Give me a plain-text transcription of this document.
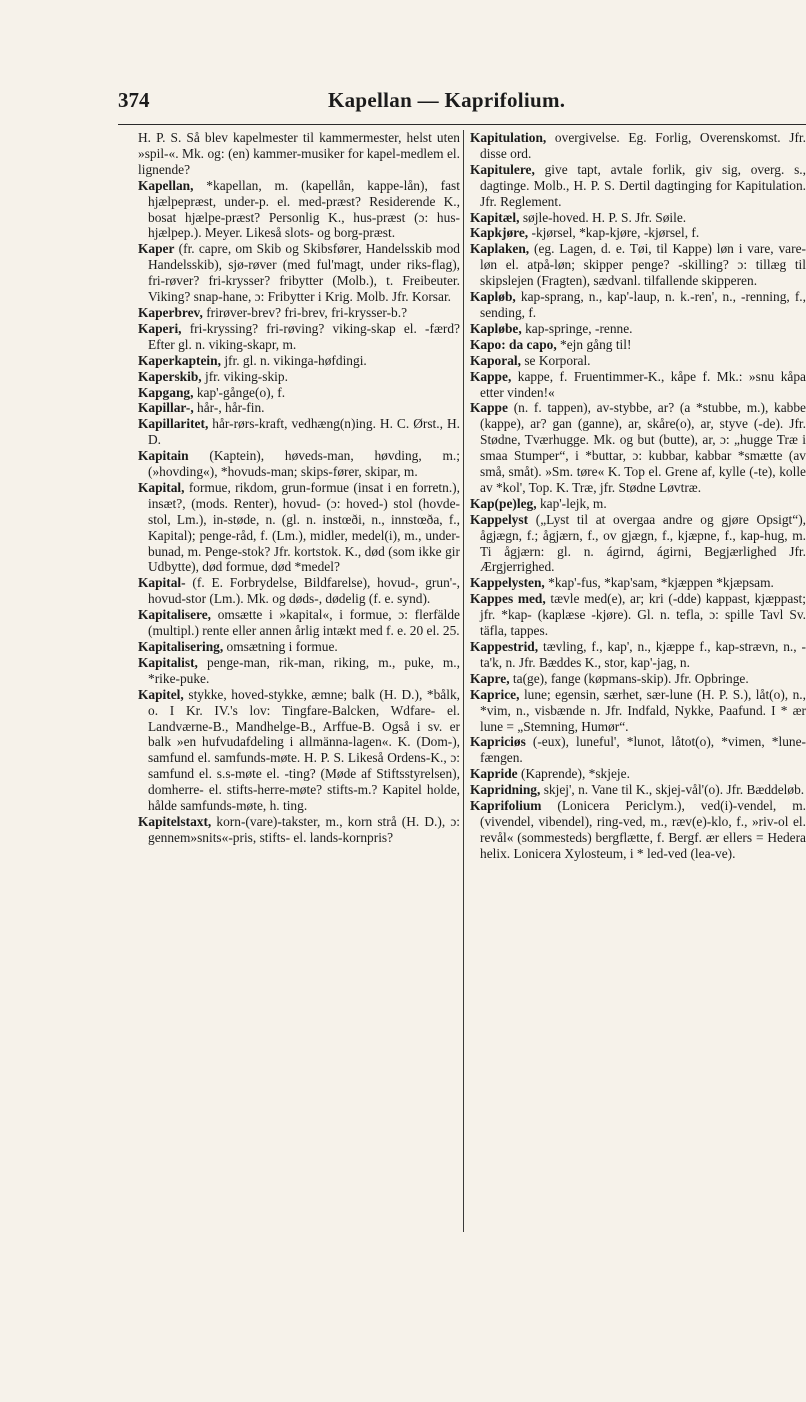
374	Kapellan — Kaprifolium.
H. P. S. Så blev kapelmester til kammermester, helst uten »spil-«. Mk. og: (en) kammer-musiker for kapel-medlem el. lignende?
Kapellan, *kapellan, m. (kapellån, kappe-lån), fast hjælpepræst, under-p. el. med-præst? Residerende K., bosat hjælpe-præst? Personlig K., hus-præst (ɔ: hus-hjælpep.). Meyer. Likeså slots- og borg-præst.
Kaper (fr. capre, om Skib og Skibsfører, Handelsskib mod Handelsskib), sjø-røver (med ful'magt, under riks-flag), fri-røver? fri-krysser? fribytter (Molb.), t. Freibeuter. Viking? snap-hane, ɔ: Fribytter i Krig. Molb. Jfr. Korsar.
Kaperbrev, frirøver-brev? fri-brev, fri-krysser-b.?
Kaperi, fri-kryssing? fri-røving? viking-skap el. -færd? Efter gl. n. viking-skapr, m.
Kaperkaptein, jfr. gl. n. vikinga-høfdingi.
Kaperskib, jfr. viking-skip.
Kapgang, kap'-gånge(o), f.
Kapillar-, hår-, hår-fin.
Kapillaritet, hår-rørs-kraft, vedhæng(n)ing. H. C. Ørst., H. D.
Kapitain (Kaptein), høveds-man, høvding, m.; (»hovding«), *hovuds-man; skips-fører, skipar, m.
Kapital, formue, rikdom, grun-formue (insat i en forretn.), insæt?, (mods. Renter), hovud- (ɔ: hoved-) stol (hovde-stol, Lm.), in-støde, n. (gl. n. instœði, n., innstœða, f., Kapital); penge-råd, f. (Lm.), midler, medel(i), m., under-bunad, m. Penge-stok? Jfr. kortstok. K., død (som ikke gir Udbytte), død formue, død *medel?
Kapital- (f. E. Forbrydelse, Bildfarelse), hovud-, grun'-, hovud-stor (Lm.). Mk. og døds-, dødelig (f. e. synd).
Kapitalisere, omsætte i »kapital«, i formue, ɔ: flerfälde (multipl.) rente eller annen årlig intækt med f. e. 20 el. 25.
Kapitalisering, omsætning i formue.
Kapitalist, penge-man, rik-man, riking, m., puke, m., *rike-puke.
Kapitel, stykke, hoved-stykke, æmne; balk (H. D.), *bålk, o. I Kr. IV.'s lov: Tingfare-Balcken, Wdfare- el. Landværne-B., Mandhelge-B., Arffue-B. Også i sv. er balk »en hufvudafdeling i allmänna-lagen«. K. (Dom-), samfund el. samfunds-møte. H. P. S. Likeså Ordens-K., ɔ: samfund el. s.s-møte el. -ting? (Møde af Stiftsstyrelsen), domherre- el. stifts-herre-møte? stifts-m.? Kapitel holde, hålde samfunds-møte, h. ting.
Kapitelstaxt, korn-(vare)-takster, m., korn strå (H. D.), ɔ: gennem»snits«-pris, stifts- el. lands-kornpris?
Kapitulation, overgivelse. Eg. Forlig, Overenskomst. Jfr. disse ord.
Kapitulere, give tapt, avtale forlik, giv sig, overg. s., dagtinge. Molb., H. P. S. Dertil dagtinging for Kapitulation. Jfr. Reglement.
Kapitæl, søjle-hoved. H. P. S. Jfr. Søile.
Kapkjøre, -kjørsel, *kap-kjøre, -kjørsel, f.
Kaplaken, (eg. Lagen, d. e. Tøi, til Kappe) løn i vare, vare-løn el. atpå-løn; skipper penge? -skilling? ɔ: tillæg til skipslejen (Fragten), sædvanl. tilfallende skipperen.
Kapløb, kap-sprang, n., kap'-laup, n. k.-ren', n., -renning, f., sending, f.
Kapløbe, kap-springe, -renne.
Kapo: da capo, *ejn gång til!
Kaporal, se Korporal.
Kappe, kappe, f. Fruentimmer-K., kåpe f. Mk.: »snu kåpa etter vinden!«
Kappe (n. f. tappen), av-stybbe, ar? (a *stubbe, m.), kabbe (kappe), ar? gan (ganne), ar, skåre(o), ar, styve (-de). Jfr. Stødne, Tværhugge. Mk. og but (butte), ar, ɔ: „hugge Træ i smaa Stumper“, i *buttar, ɔ: kubbar, kabbar *smætte (av små, småt). »Sm. tøre« K. Top el. Grene af, kylle (-te), kolle av *kol', Top. K. Træ, jfr. Stødne Løvtræ.
Kap(pe)leg, kap'-lejk, m.
Kappelyst („Lyst til at overgaa andre og gjøre Opsigt“), ågjægn, f.; ågjærn, f., ov gjægn, f., kjæpne, f., kap-hug, m. Ti ågjærn: gl. n. ágirnd, ágirni, Begjærlighed Jfr. Ærgjerrighed.
Kappelysten, *kap'-fus, *kap'sam, *kjæppen *kjæpsam.
Kappes med, tævle med(e), ar; kri (-dde) kappast, kjæppast; jfr. *kap- (kaplæse -kjøre). Gl. n. tefla, ɔ: spille Tavl Sv. täfla, tappes.
Kappestrid, tævling, f., kap', n., kjæppe f., kap-strævn, n., -ta'k, n. Jfr. Bæddes K., stor, kap'-jag, n.
Kapre, ta(ge), fange (køpmans-skip). Jfr. Opbringe.
Kaprice, lune; egensin, særhet, sær-lune (H. P. S.), låt(o), n., *vim, n., visbænde n. Jfr. Indfald, Nykke, Paafund. I * ær lune = „Stemning, Humør“.
Kapriciøs (-eux), luneful', *lunot, låtot(o), *vimen, *lune-fængen.
Kapride (Kaprende), *skjeje.
Kapridning, skjej', n. Vane til K., skjej-vål'(o). Jfr. Bæddeløb.
Kaprifolium (Lonicera Periclym.), ved(i)-vendel, m. (vivendel, vibendel), ring-ved, m., ræv(e)-klo, f., »riv-ol el. revål« (sommesteds) bergflætte, f. Bergf. ær ellers = Hedera helix. Lonicera Xylosteum, i * led-ved (lea-ve).
